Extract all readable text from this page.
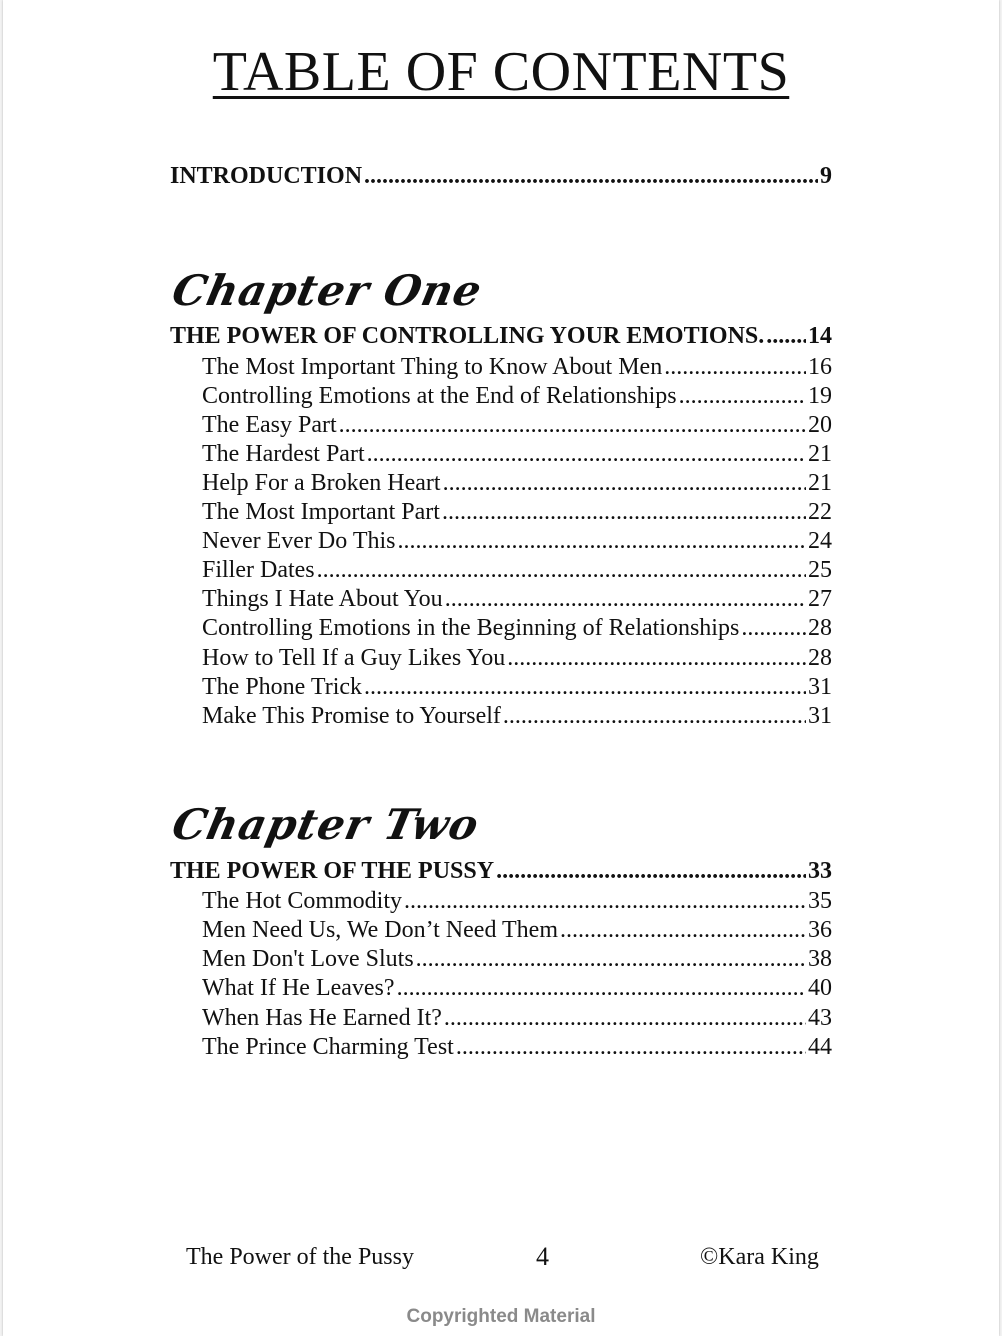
TABLE OF CONTENTS
INTRODUCTION .....	9
Chapter One
THE POWER OF CONTROLLING YOUR EMOTIONS. ..... 14
The Most Important Thing to Know About Men .....	16
Controlling Emotions at the End of Relationships .....	19
The Easy Part .....	20
The Hardest Part .....	21
Help For a Broken Heart .....	21
The Most Important Part .....	22
Never Ever Do This .....	24
Filler Dates .....	25
Things I Hate About You .....	27
Controlling Emotions in the Beginning of Relationships .....	28
How to Tell If a Guy Likes You .....	28
The Phone Trick .....	31
Make This Promise to Yourself .....	31
Chapter Two
THE POWER OF THE PUSSY .....	33
The Hot Commodity .....	35
Men Need Us, We Don’t Need Them .....	36
Men Don't Love Sluts .....	38
What If He Leaves? .....	40
When Has He Earned It? .....	43
The Prince Charming Test .....	44
The Power of the Pussy	4	©Kara King
Copyrighted Material
